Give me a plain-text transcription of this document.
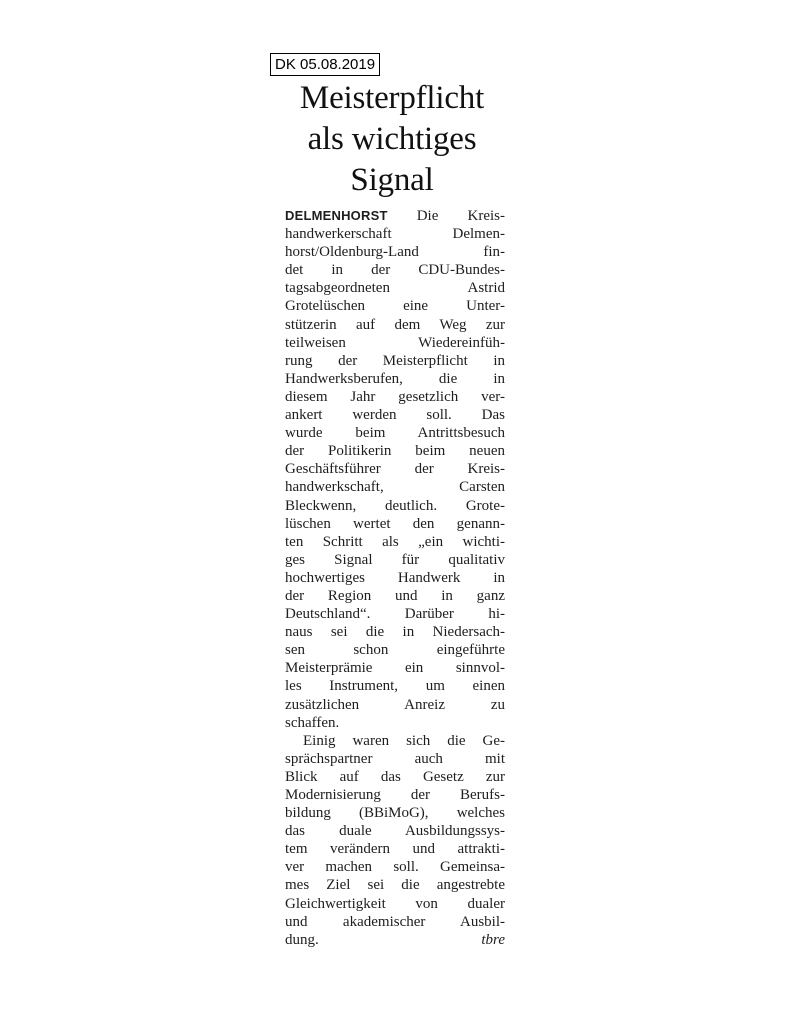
DK 05.08.2019
Meisterpflicht
als wichtiges
Signal
DELMENHORST Die Kreis-
handwerkerschaft Delmen-
horst/Oldenburg-Land fin-
det in der CDU-Bundes-
tagsabgeordneten Astrid
Grotelüschen eine Unter-
stützerin auf dem Weg zur
teilweisen Wiedereinfüh-
rung der Meisterpflicht in
Handwerksberufen, die in
diesem Jahr gesetzlich ver-
ankert werden soll. Das
wurde beim Antrittsbesuch
der Politikerin beim neuen
Geschäftsführer der Kreis-
handwerkschaft, Carsten
Bleckwenn, deutlich. Grote-
lüschen wertet den genann-
ten Schritt als „ein wichti-
ges Signal für qualitativ
hochwertiges Handwerk in
der Region und in ganz
Deutschland“. Darüber hi-
naus sei die in Niedersach-
sen schon eingeführte
Meisterprämie ein sinnvol-
les Instrument, um einen
zusätzlichen Anreiz zu
schaffen.
Einig waren sich die Ge-
sprächspartner auch mit
Blick auf das Gesetz zur
Modernisierung der Berufs-
bildung (BBiMoG), welches
das duale Ausbildungssys-
tem verändern und attrakti-
ver machen soll. Gemeinsa-
mes Ziel sei die angestrebte
Gleichwertigkeit von dualer
und akademischer Ausbil-
dung.	tbre
